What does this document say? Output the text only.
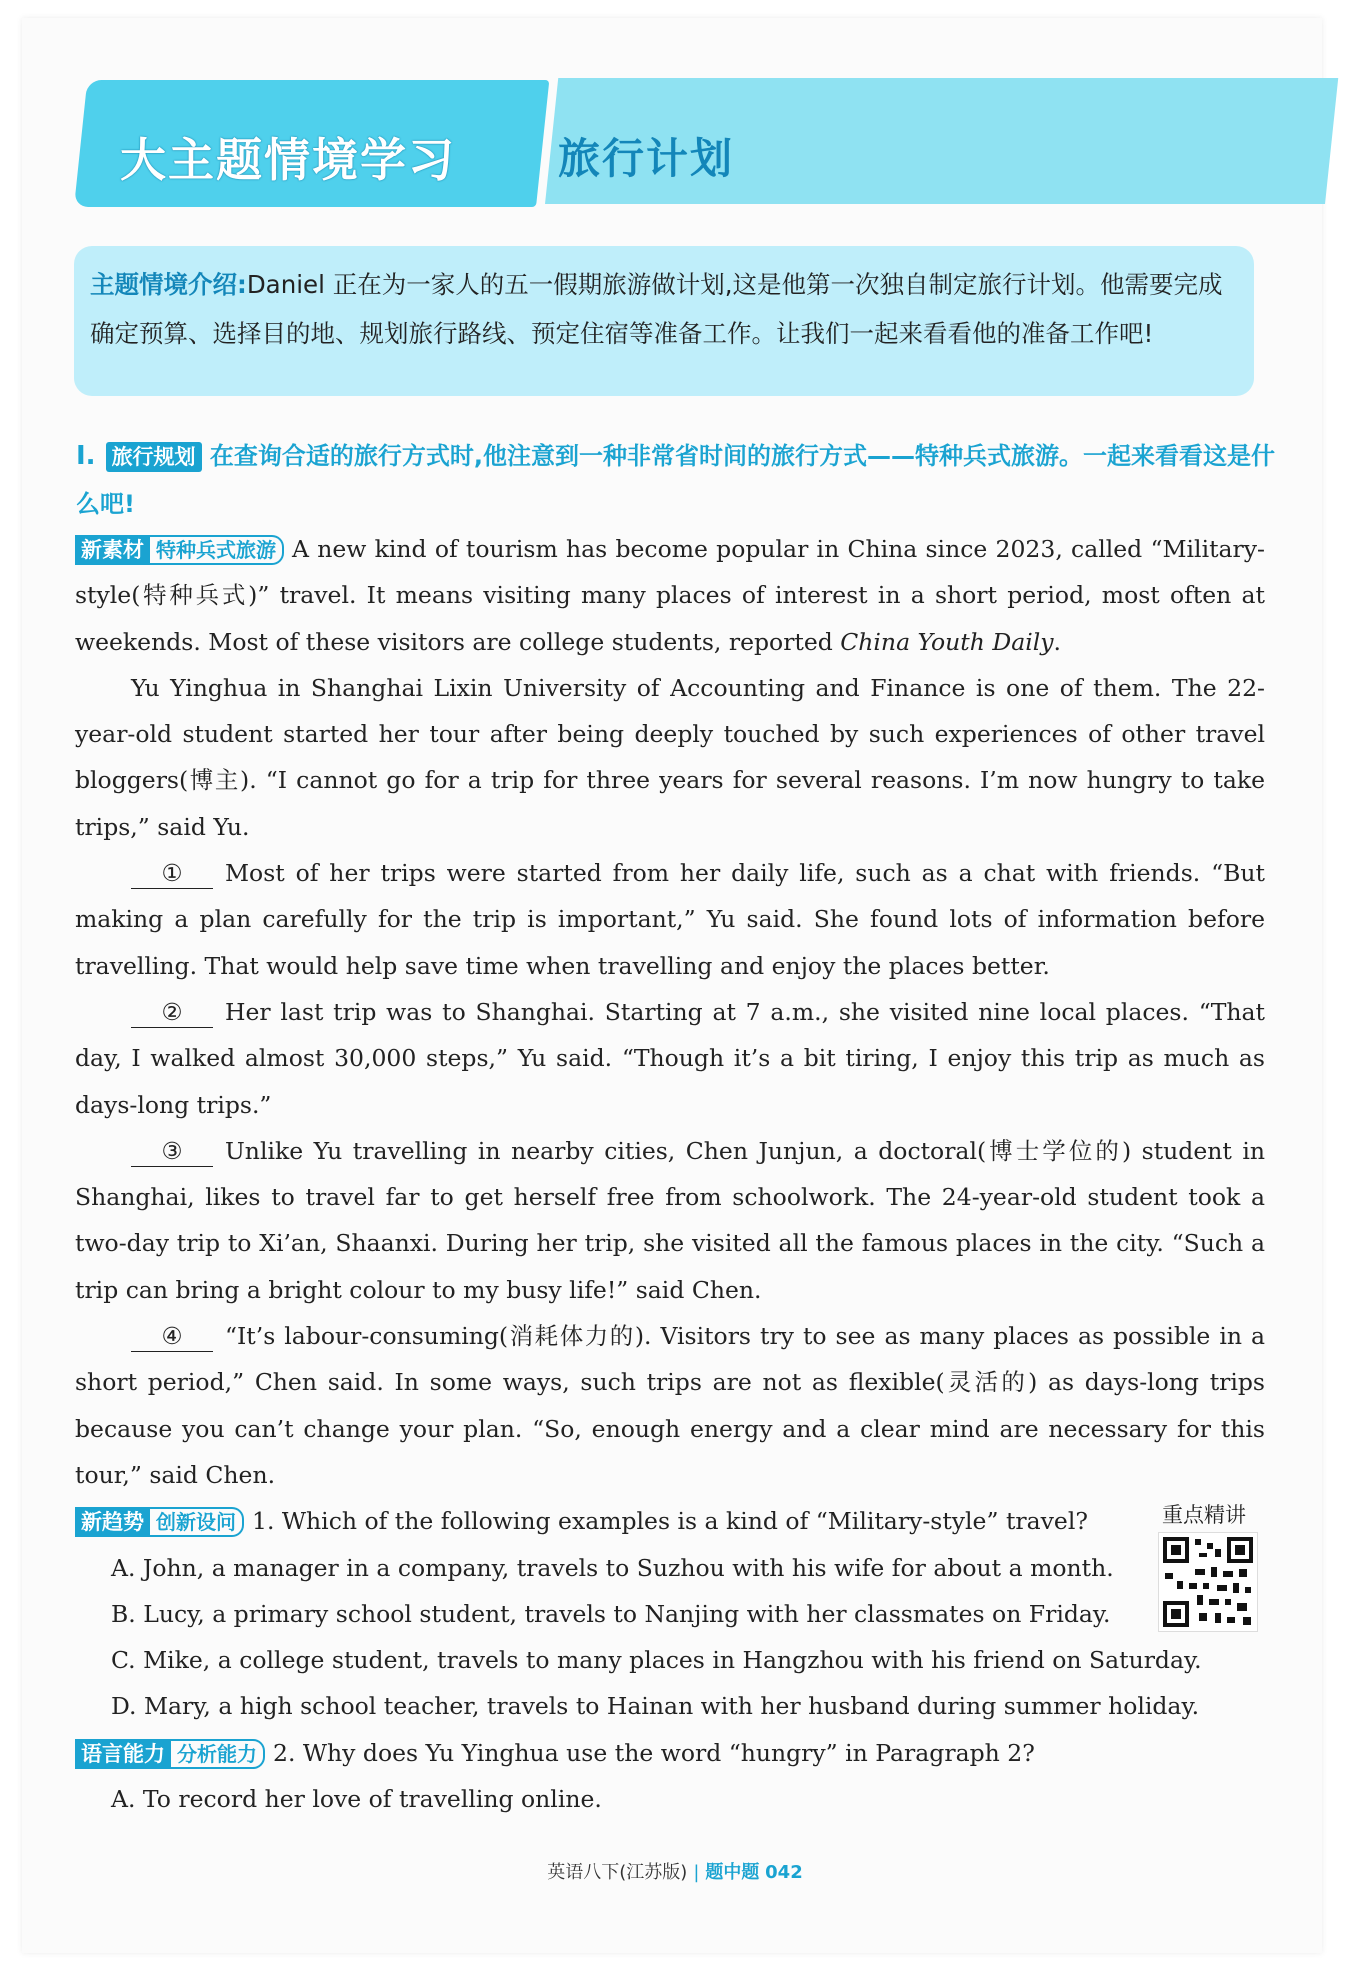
大主题情境学习 旅行计划

主题情境介绍:Daniel 正在为一家人的五一假期旅游做计划,这是他第一次独自制定旅行计划。他需要完成确定预算、选择目的地、规划旅行路线、预定住宿等准备工作。让我们一起来看看他的准备工作吧!

Ⅰ. 旅行规划 在查询合适的旅行方式时,他注意到一种非常省时间的旅行方式——特种兵式旅游。一起来看看这是什么吧!

新素材 特种兵式旅游 A new kind of tourism has become popular in China since 2023, called “Military-style(特种兵式)” travel. It means visiting many places of interest in a short period, most often at weekends. Most of these visitors are college students, reported China Youth Daily.

Yu Yinghua in Shanghai Lixin University of Accounting and Finance is one of them. The 22-year-old student started her tour after being deeply touched by such experiences of other travel bloggers(博主). “I cannot go for a trip for three years for several reasons. I’m now hungry to take trips,” said Yu.

① Most of her trips were started from her daily life, such as a chat with friends. “But making a plan carefully for the trip is important,” Yu said. She found lots of information before travelling. That would help save time when travelling and enjoy the places better.

② Her last trip was to Shanghai. Starting at 7 a.m., she visited nine local places. “That day, I walked almost 30,000 steps,” Yu said. “Though it’s a bit tiring, I enjoy this trip as much as days-long trips.”

③ Unlike Yu travelling in nearby cities, Chen Junjun, a doctoral(博士学位的) student in Shanghai, likes to travel far to get herself free from schoolwork. The 24-year-old student took a two-day trip to Xi’an, Shaanxi. During her trip, she visited all the famous places in the city. “Such a trip can bring a bright colour to my busy life!” said Chen.

④ “It’s labour-consuming(消耗体力的). Visitors try to see as many places as possible in a short period,” Chen said. In some ways, such trips are not as flexible(灵活的) as days-long trips because you can’t change your plan. “So, enough energy and a clear mind are necessary for this tour,” said Chen.

新趋势 创新设问 1. Which of the following examples is a kind of “Military-style” travel?

A. John, a manager in a company, travels to Suzhou with his wife for about a month.

B. Lucy, a primary school student, travels to Nanjing with her classmates on Friday.

C. Mike, a college student, travels to many places in Hangzhou with his friend on Saturday.

D. Mary, a high school teacher, travels to Hainan with her husband during summer holiday.

语言能力 分析能力 2. Why does Yu Yinghua use the word “hungry” in Paragraph 2?

A. To record her love of travelling online.

重点精讲
英语八下(江苏版) | 题中题 042
